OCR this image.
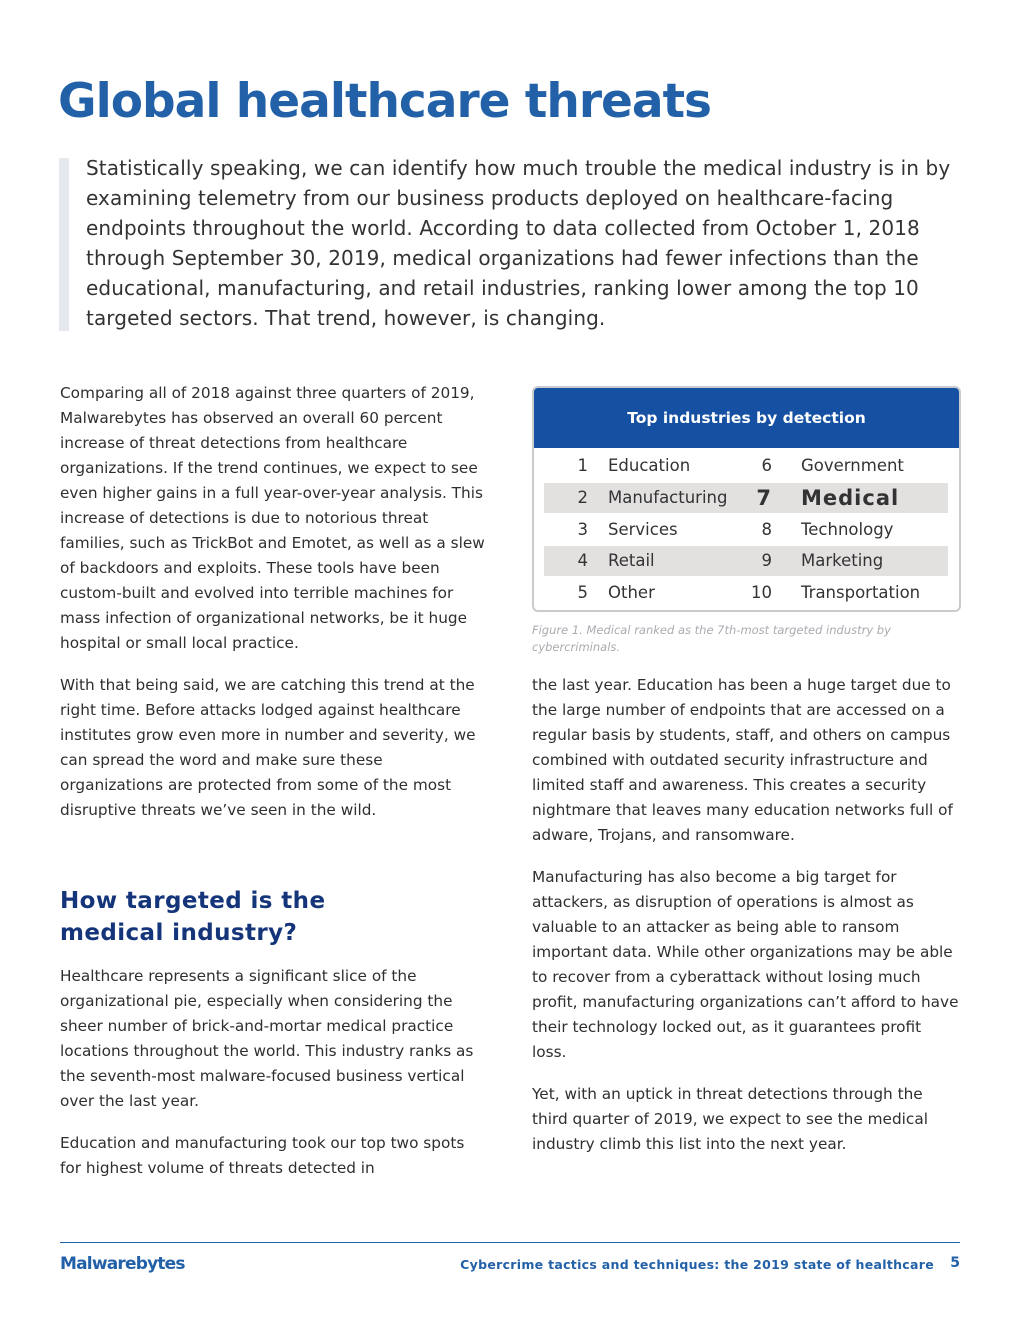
Global healthcare threats

Statistically speaking, we can identify how much trouble the medical industry is in by examining telemetry from our business products deployed on healthcare-facing endpoints throughout the world. According to data collected from October 1, 2018 through September 30, 2019, medical organizations had fewer infections than the educational, manufacturing, and retail industries, ranking lower among the top 10 targeted sectors. That trend, however, is changing.

Comparing all of 2018 against three quarters of 2019, Malwarebytes has observed an overall 60 percent increase of threat detections from healthcare organizations. If the trend continues, we expect to see even higher gains in a full year-over-year analysis. This increase of detections is due to notorious threat families, such as TrickBot and Emotet, as well as a slew of backdoors and exploits. These tools have been custom-built and evolved into terrible machines for mass infection of organizational networks, be it huge hospital or small local practice.

With that being said, we are catching this trend at the right time. Before attacks lodged against healthcare institutes grow even more in number and severity, we can spread the word and make sure these organizations are protected from some of the most disruptive threats we’ve seen in the wild.

How targeted is the medical industry?

Healthcare represents a significant slice of the organizational pie, especially when considering the sheer number of brick-and-mortar medical practice locations throughout the world. This industry ranks as the seventh-most malware-focused business vertical over the last year.

Education and manufacturing took our top two spots for highest volume of threats detected in

Top industries by detection
1 Education	6 Government
2 Manufacturing	7 Medical
3 Services	8 Technology
4 Retail	9 Marketing
5 Other	10 Transportation

Figure 1. Medical ranked as the 7th-most targeted industry by cybercriminals.

the last year. Education has been a huge target due to the large number of endpoints that are accessed on a regular basis by students, staff, and others on campus combined with outdated security infrastructure and limited staff and awareness. This creates a security nightmare that leaves many education networks full of adware, Trojans, and ransomware.

Manufacturing has also become a big target for attackers, as disruption of operations is almost as valuable to an attacker as being able to ransom important data. While other organizations may be able to recover from a cyberattack without losing much profit, manufacturing organizations can’t afford to have their technology locked out, as it guarantees profit loss.

Yet, with an uptick in threat detections through the third quarter of 2019, we expect to see the medical industry climb this list into the next year.

Malwarebytes	Cybercrime tactics and techniques: the 2019 state of healthcare 5
